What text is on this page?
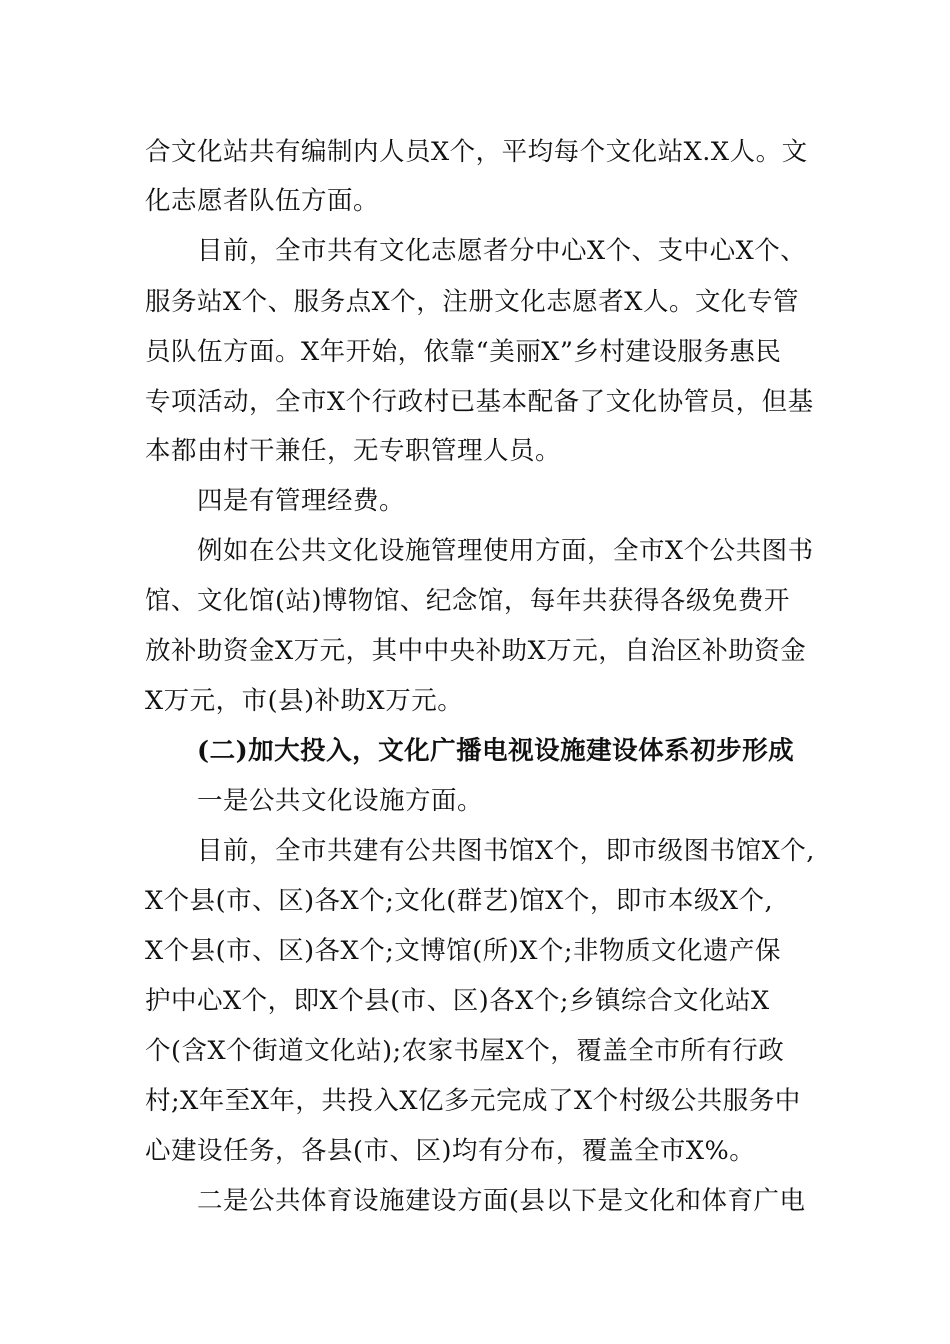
合文化站共有编制内人员X个，平均每个文化站X.X人。文
化志愿者队伍方面。
目前，全市共有文化志愿者分中心X个、支中心X个、
服务站X个、服务点X个，注册文化志愿者X人。文化专管
员队伍方面。X年开始，依靠“美丽X”乡村建设服务惠民
专项活动，全市X个行政村已基本配备了文化协管员，但基
本都由村干兼任，无专职管理人员。
四是有管理经费。
例如在公共文化设施管理使用方面，全市X个公共图书
馆、文化馆(站)博物馆、纪念馆，每年共获得各级免费开
放补助资金X万元，其中中央补助X万元，自治区补助资金
X万元，市(县)补助X万元。
(二)加大投入，文化广播电视设施建设体系初步形成
一是公共文化设施方面。
目前，全市共建有公共图书馆X个，即市级图书馆X个,
X个县(市、区)各X个;文化(群艺)馆X个，即市本级X个,
X个县(市、区)各X个;文博馆(所)X个;非物质文化遗产保
护中心X个，即X个县(市、区)各X个;乡镇综合文化站X
个(含X个街道文化站);农家书屋X个，覆盖全市所有行政
村;X年至X年，共投入X亿多元完成了X个村级公共服务中
心建设任务，各县(市、区)均有分布，覆盖全市X%。
二是公共体育设施建设方面(县以下是文化和体育广电
